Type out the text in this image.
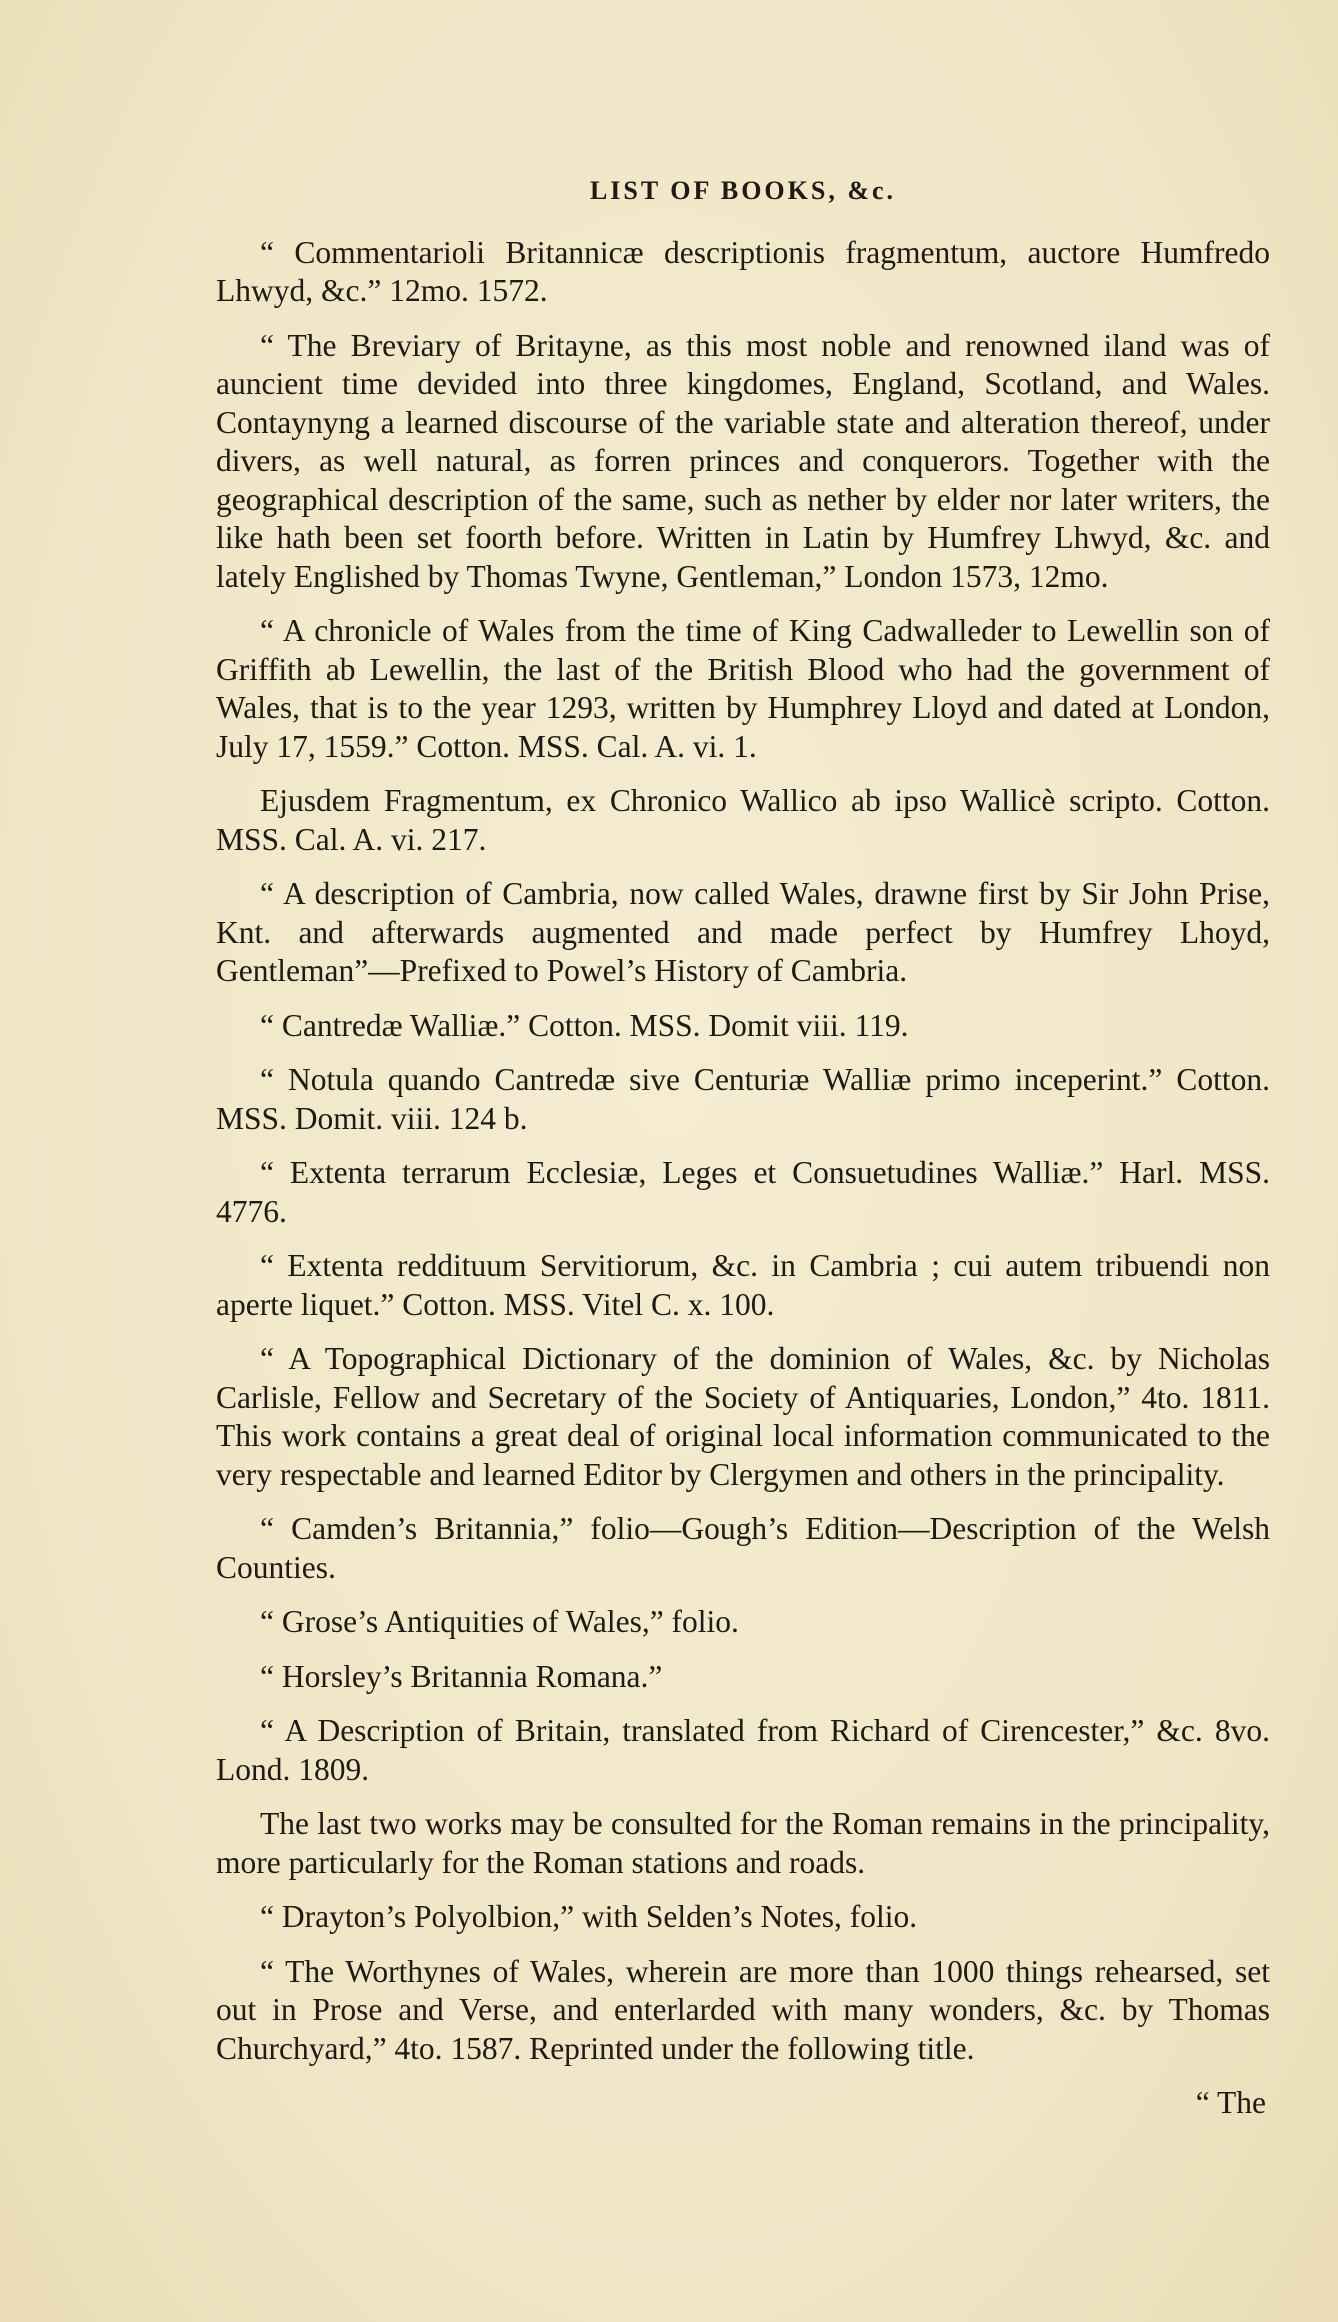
LIST OF BOOKS, &c.

“ Commentarioli Britannicæ descriptionis fragmentum, auctore Humfredo Lhwyd, &c.” 12mo. 1572.

“ The Breviary of Britayne, as this most noble and renowned iland was of auncient time devided into three kingdomes, England, Scotland, and Wales. Contaynyng a learned discourse of the variable state and alteration thereof, under divers, as well natural, as forren princes and conquerors. Together with the geographical description of the same, such as nether by elder nor later writers, the like hath been set foorth before. Written in Latin by Humfrey Lhwyd, &c. and lately Englished by Thomas Twyne, Gentleman,” London 1573, 12mo.

“ A chronicle of Wales from the time of King Cadwalleder to Lewellin son of Griffith ab Lewellin, the last of the British Blood who had the government of Wales, that is to the year 1293, written by Humphrey Lloyd and dated at London, July 17, 1559.” Cotton. MSS. Cal. A. vi. 1.

Ejusdem Fragmentum, ex Chronico Wallico ab ipso Wallicè scripto. Cotton. MSS. Cal. A. vi. 217.

“ A description of Cambria, now called Wales, drawne first by Sir John Prise, Knt. and afterwards augmented and made perfect by Humfrey Lhoyd, Gentleman”—Prefixed to Powel’s History of Cambria.

“ Cantredæ Walliæ.” Cotton. MSS. Domit viii. 119.

“ Notula quando Cantredæ sive Centuriæ Walliæ primo inceperint.” Cotton. MSS. Domit. viii. 124 b.

“ Extenta terrarum Ecclesiæ, Leges et Consuetudines Walliæ.” Harl. MSS. 4776.

“ Extenta reddituum Servitiorum, &c. in Cambria ; cui autem tribuendi non aperte liquet.” Cotton. MSS. Vitel C. x. 100.

“ A Topographical Dictionary of the dominion of Wales, &c. by Nicholas Carlisle, Fellow and Secretary of the Society of Antiquaries, London,” 4to. 1811. This work contains a great deal of original local information communicated to the very respectable and learned Editor by Clergymen and others in the principality.

“ Camden’s Britannia,” folio—Gough’s Edition—Description of the Welsh Counties.

“ Grose’s Antiquities of Wales,” folio.

“ Horsley’s Britannia Romana.”

“ A Description of Britain, translated from Richard of Cirencester,” &c. 8vo. Lond. 1809.

The last two works may be consulted for the Roman remains in the principality, more particularly for the Roman stations and roads.

“ Drayton’s Polyolbion,” with Selden’s Notes, folio.

“ The Worthynes of Wales, wherein are more than 1000 things rehearsed, set out in Prose and Verse, and enterlarded with many wonders, &c. by Thomas Churchyard,” 4to. 1587. Reprinted under the following title.

“ The
